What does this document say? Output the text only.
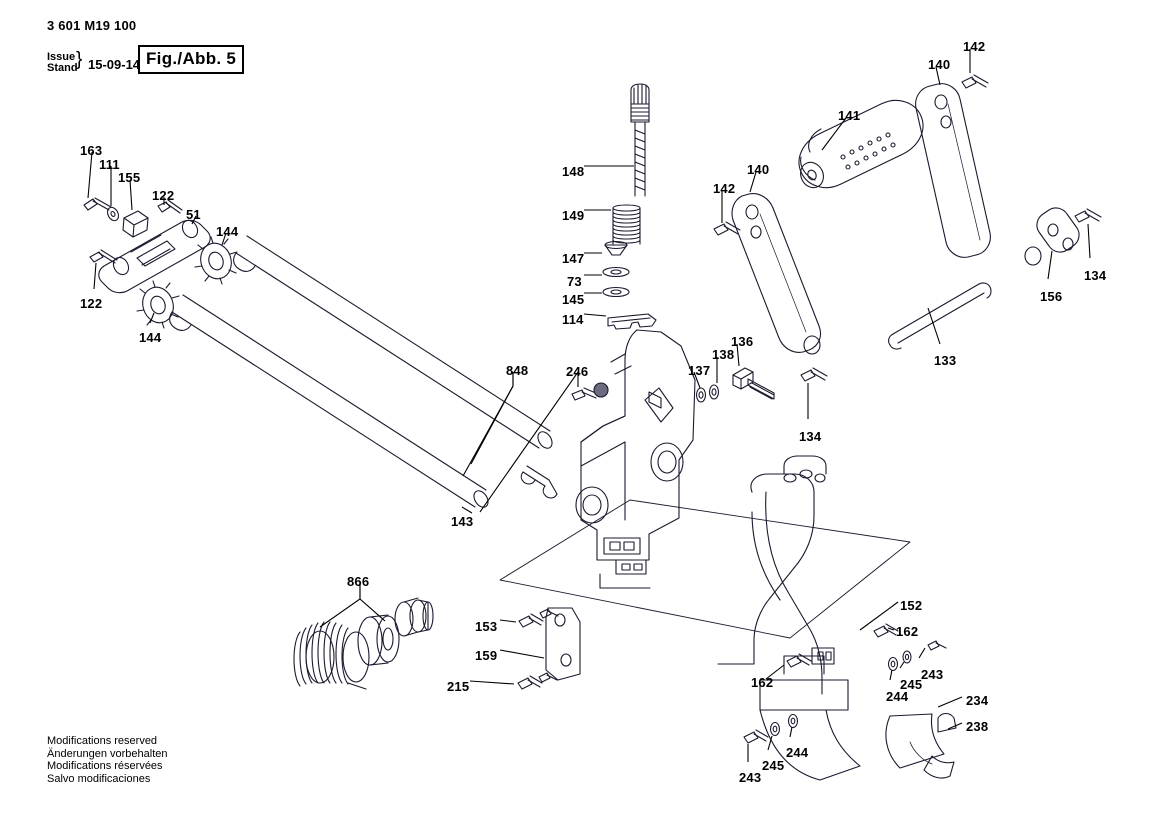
3 601 M19 100
Issue
Stand
} 15-09-14 Fig./Abb. 5
Modifications reserved
Änderungen vorbehalten
Modifications réservées
Salvo modificaciones
163
111
155
122
51
144
122
144
848	246
143
866
153
159
215
148
149
147
73
145
114
137
138
136
134
142
140
141
140
142
134
156
133
152
162
243
245
244
162
234
238
244
245
243
